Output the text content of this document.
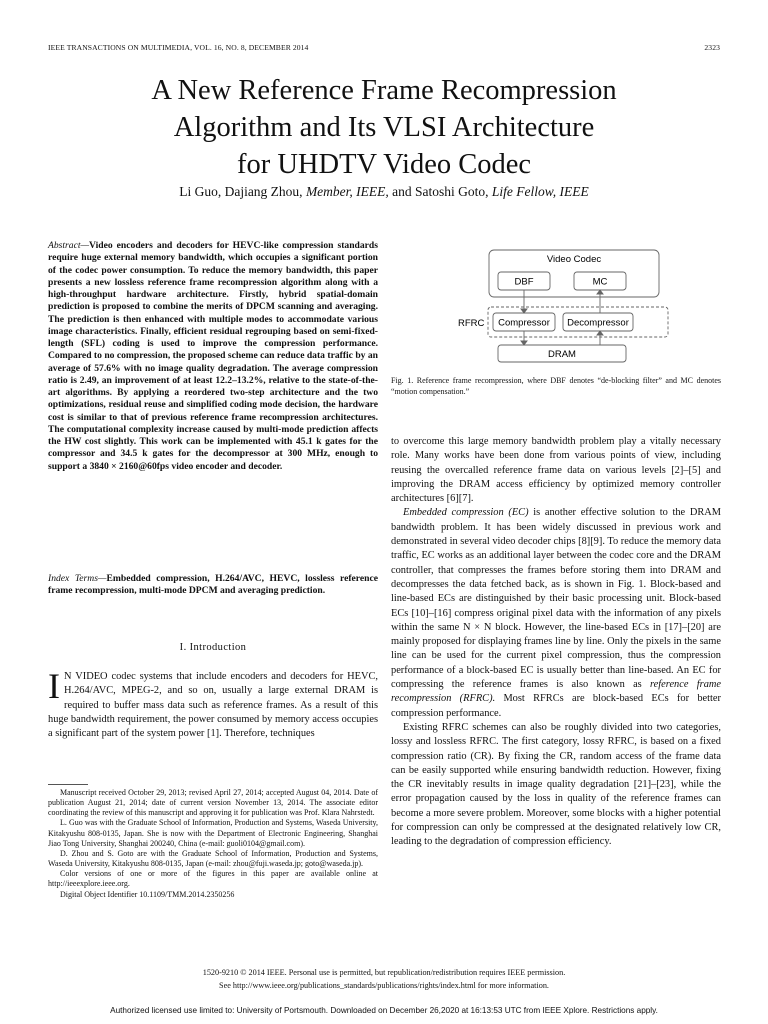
IEEE TRANSACTIONS ON MULTIMEDIA, VOL. 16, NO. 8, DECEMBER 2014	2323
A New Reference Frame Recompression
Algorithm and Its VLSI Architecture
for UHDTV Video Codec
Li Guo, Dajiang Zhou, Member, IEEE, and Satoshi Goto, Life Fellow, IEEE
Abstract—Video encoders and decoders for HEVC-like compression standards require huge external memory bandwidth, which occupies a significant portion of the codec power consumption. To reduce the memory bandwidth, this paper presents a new lossless reference frame recompression algorithm along with a high-throughput hardware architecture. Firstly, hybrid spatial-domain prediction is proposed to combine the merits of DPCM scanning and averaging. The prediction is then enhanced with multiple modes to accommodate various image characteristics. Finally, efficient residual regrouping based on semi-fixed-length (SFL) coding is used to improve the compression performance. Compared to no compression, the proposed scheme can reduce data traffic by an average of 57.6% with no image quality degradation. The average compression ratio is 2.49, an improvement of at least 12.2–13.2%, relative to the state-of-the-art algorithms. By applying a reordered two-step architecture and the two optimizations, residual reuse and simplified coding mode decision, the hardware cost is similar to that of previous reference frame recompression architectures. The computational complexity increase caused by multi-mode prediction affects the HW cost slightly. This work can be implemented with 45.1 k gates for the compressor and 34.5 k gates for the decompressor at 300 MHz, enough to support a 3840 × 2160@60fps video encoder and decoder.
Index Terms—Embedded compression, H.264/AVC, HEVC, lossless reference frame recompression, multi-mode DPCM and averaging prediction.
I. Introduction
I N VIDEO codec systems that include encoders and decoders for HEVC, H.264/AVC, MPEG-2, and so on, usually a large external DRAM is required to buffer mass data such as reference frames. As a result of this huge bandwidth requirement, the power consumed by memory access occupies a significant part of the system power [1]. Therefore, techniques

Manuscript received October 29, 2013; revised April 27, 2014; accepted August 04, 2014. Date of publication August 21, 2014; date of current version November 13, 2014. The associate editor coordinating the review of this manuscript and approving it for publication was Prof. Klara Nahrstedt.

L. Guo was with the Graduate School of Information, Production and Systems, Waseda University, Kitakyushu 808-0135, Japan. She is now with the Department of Electronic Engineering, Shanghai Jiao Tong University, Shanghai 200240, China (e-mail: guoli0104@gmail.com).

D. Zhou and S. Goto are with the Graduate School of Information, Production and Systems, Waseda University, Kitakyushu 808-0135, Japan (e-mail: zhou@fuji.waseda.jp; goto@waseda.jp).

Color versions of one or more of the figures in this paper are available online at http://ieeexplore.ieee.org.

Digital Object Identifier 10.1109/TMM.2014.2350256

Video Codec
DBF	MC
RFRC Compressor Decompressor
DRAM
Fig. 1. Reference frame recompression, where DBF denotes “de-blocking filter” and MC denotes “motion compensation.”

to overcome this large memory bandwidth problem play a vitally necessary role. Many works have been done from various points of view, including reusing the overcalled reference frame data on various levels [2]–[5] and improving the DRAM access efficiency by optimized memory controller architectures [6][7].

Embedded compression (EC) is another effective solution to the DRAM bandwidth problem. It has been widely discussed in previous work and demonstrated in several video decoder chips [8][9]. To reduce the memory data traffic, EC works as an additional layer between the codec core and the DRAM controller, that compresses the frames before storing them into DRAM and decompresses the data fetched back, as is shown in Fig. 1. Block-based and line-based ECs are distinguished by their basic processing unit. Block-based ECs [10]–[16] compress original pixel data with the information of any pixels within the same N × N block. However, the line-based ECs in [17]–[20] are mainly proposed for displaying frames line by line. Only the pixels in the same line can be used for the current pixel compression, thus the compression performance of a block-based EC is usually better than line-based. An EC for compressing the reference frames is also known as reference frame recompression (RFRC). Most RFRCs are block-based ECs for better compression performance.

Existing RFRC schemes can also be roughly divided into two categories, lossy and lossless RFRC. The first category, lossy RFRC, is based on a fixed compression ratio (CR). By fixing the CR, random access of the frame data can be easily supported while ensuring bandwidth reduction. However, fixing the CR inevitably results in image quality degradation [21]–[23], while the error propagation caused by the loss in quality of the reference frames can become a more severe problem. Moreover, some blocks with a higher potential for compression can only be compressed at the designated relatively low CR, leading to the degradation of compression efficiency.

1520-9210 © 2014 IEEE. Personal use is permitted, but republication/redistribution requires IEEE permission.
See http://www.ieee.org/publications_standards/publications/rights/index.html for more information.
Authorized licensed use limited to: University of Portsmouth. Downloaded on December 26,2020 at 16:13:53 UTC from IEEE Xplore. Restrictions apply.
